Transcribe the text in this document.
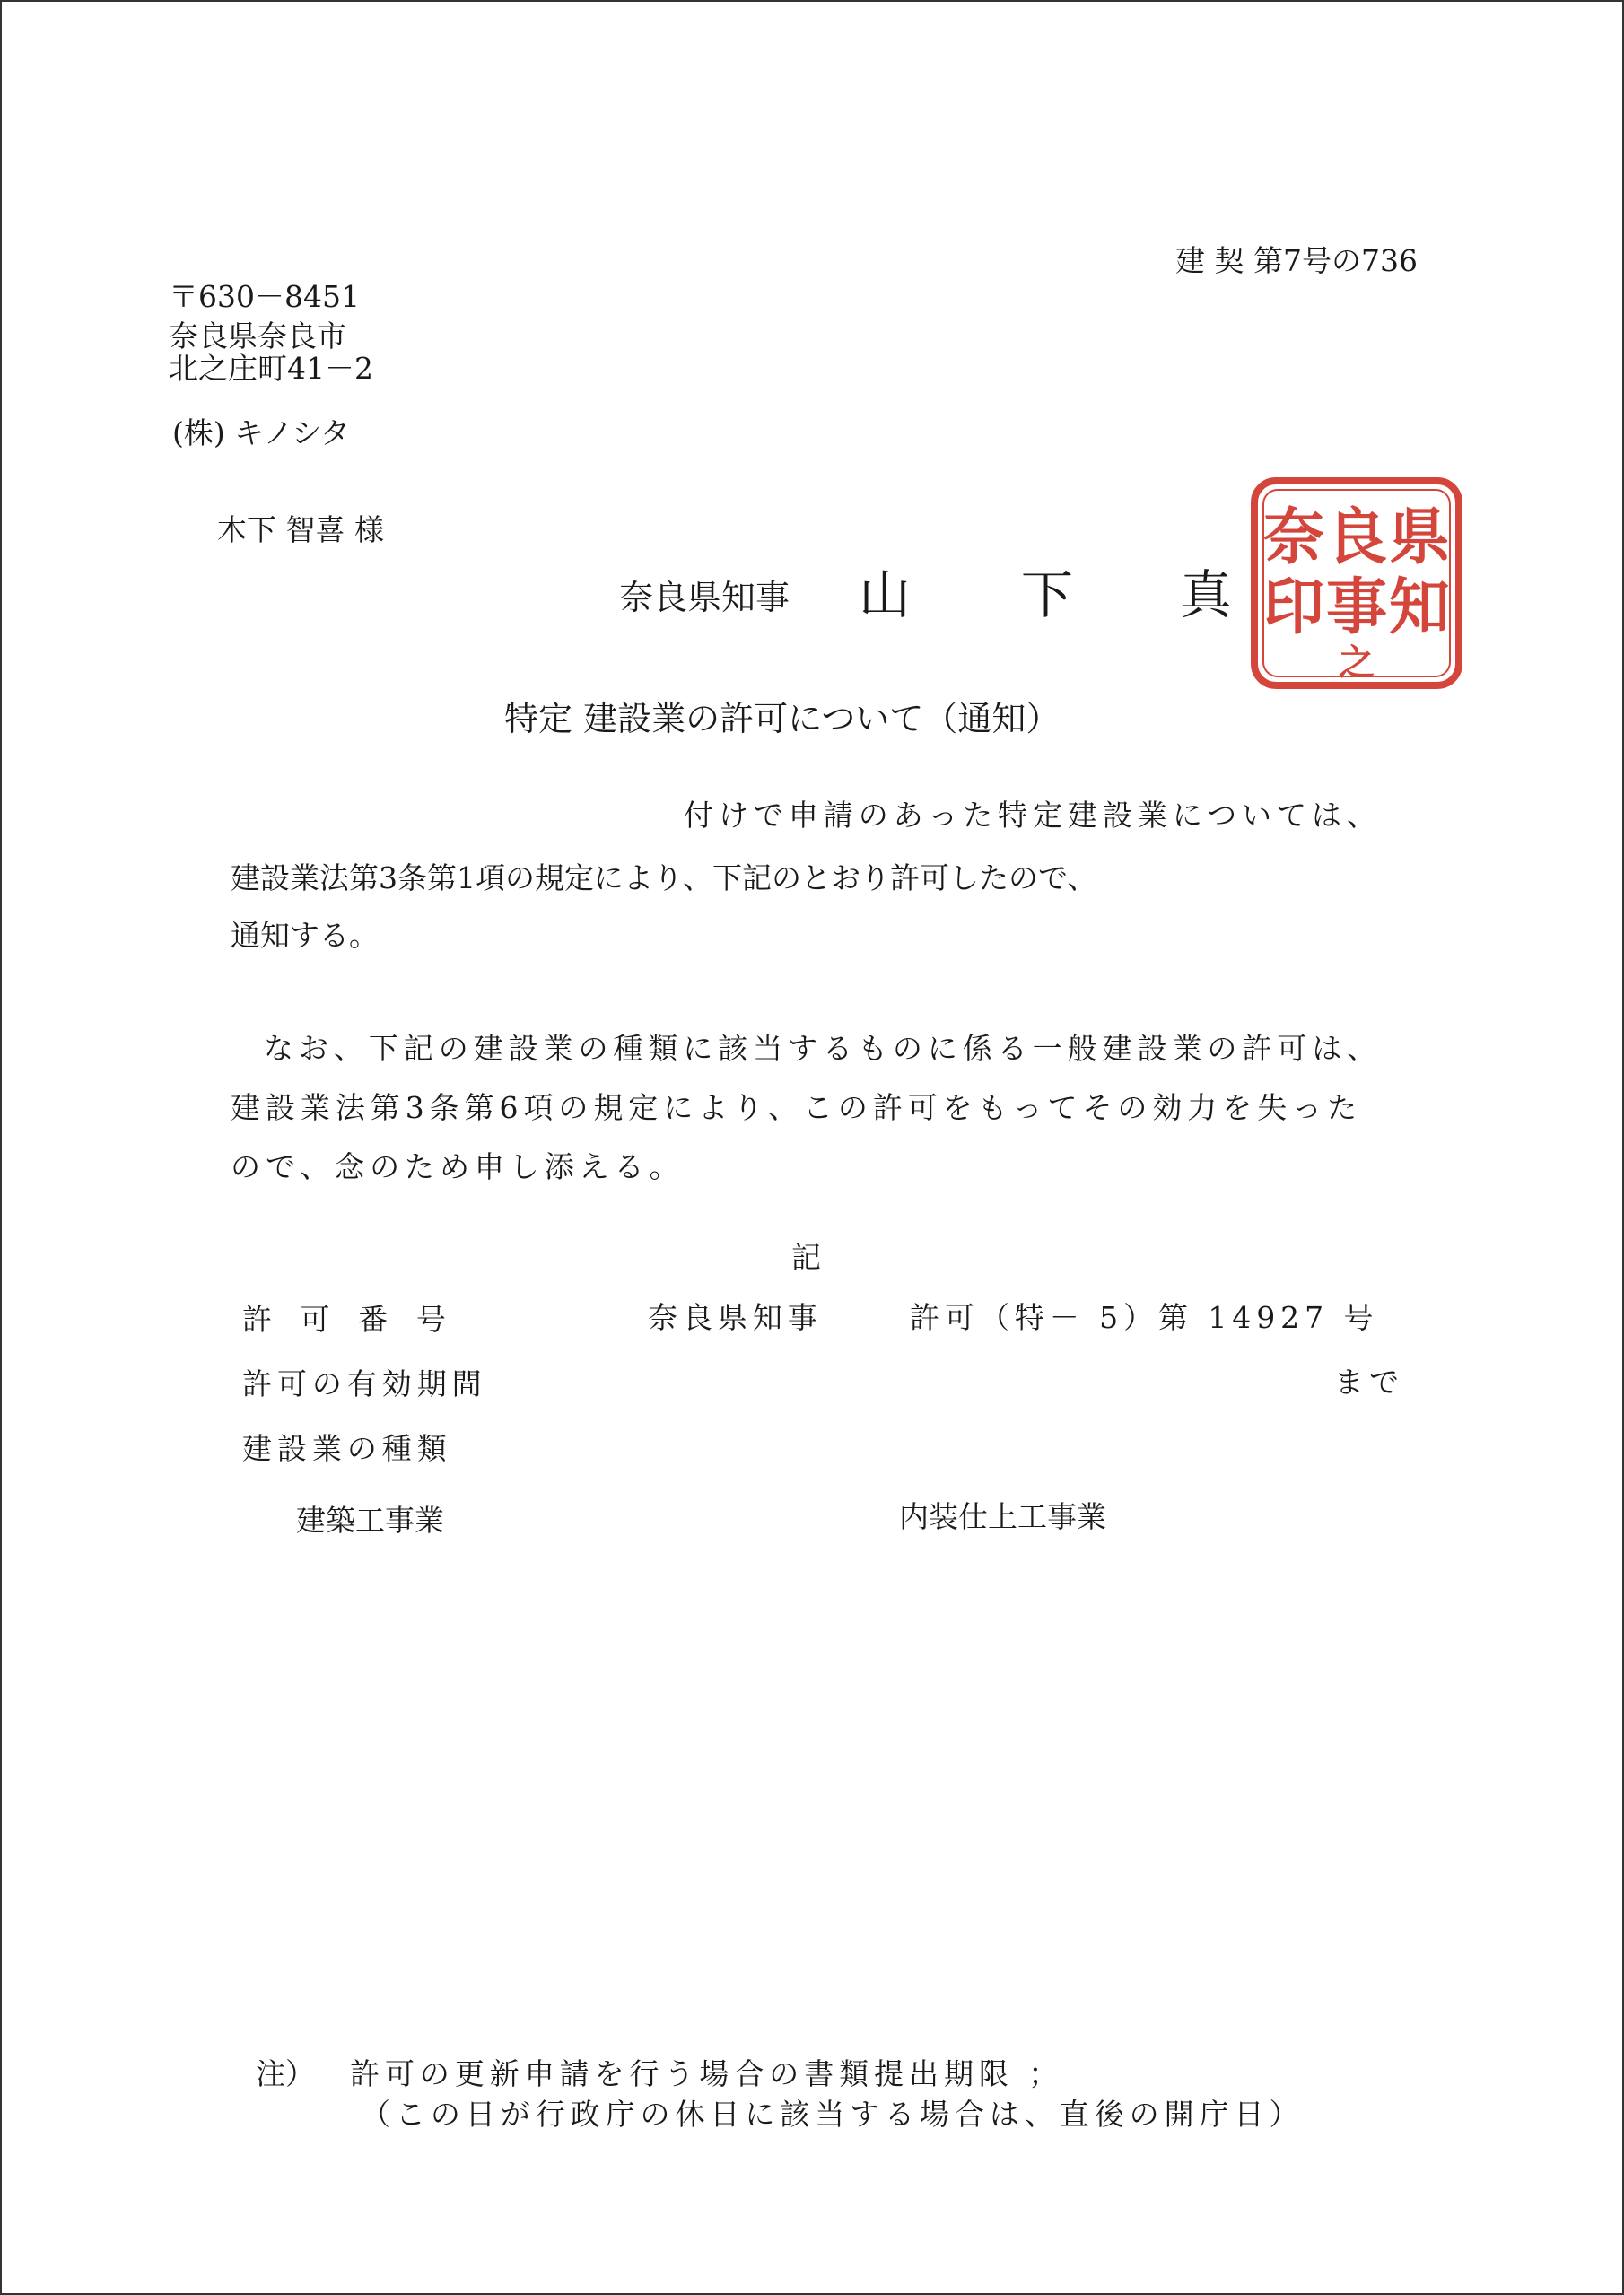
建 契 第7号の736
〒630－8451
奈良県奈良市
北之庄町41－2
(株) キノシタ
木下 智喜 様
奈良県知事 山 下 真
県
知
良
事
奈
印
之
特定 建設業の許可について（通知）
付けで申請のあった特定建設業については、
建設業法第3条第1項の規定により、下記のとおり許可したので、
通知する。
なお、下記の建設業の種類に該当するものに係る一般建設業の許可は、
建設業法第3条第6項の規定により、この許可をもってその効力を失った
ので、念のため申し添える。
記
許 可 番 号	奈良県知事	許可（特－ 5）第 14927 号
許可の有効期間	まで
建設業の種類
建築工事業	内装仕上工事業
注） 許可の更新申請を行う場合の書類提出期限 ；
（この日が行政庁の休日に該当する場合は、直後の開庁日）
